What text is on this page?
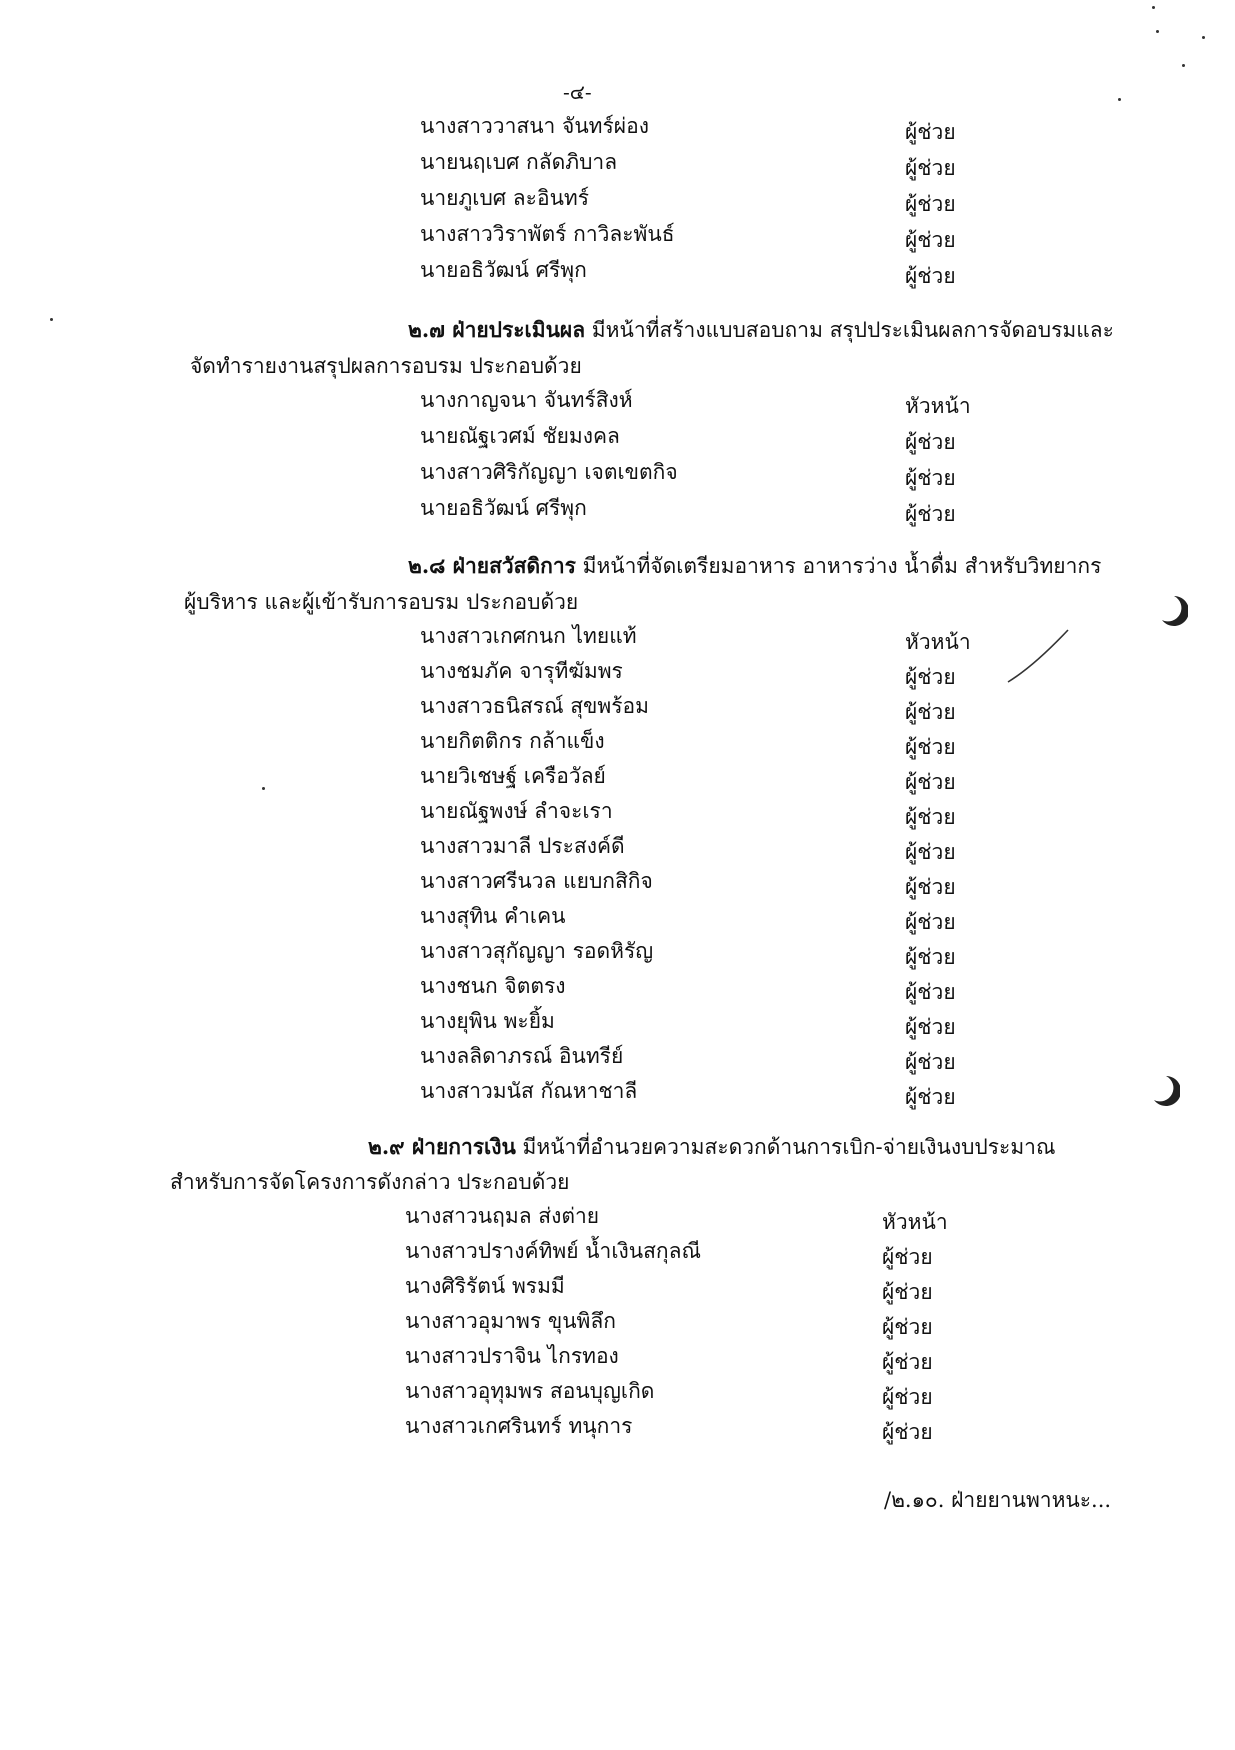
-๔-
นางสาววาสนา จันทร์ผ่อง	ผู้ช่วย
นายนฤเบศ กลัดภิบาล	ผู้ช่วย
นายภูเบศ ละอินทร์	ผู้ช่วย
นางสาววิราพัตร์ กาวิละพันธ์	ผู้ช่วย
นายอธิวัฒน์ ศรีพุก	ผู้ช่วย
๒.๗ ฝ่ายประเมินผล มีหน้าที่สร้างแบบสอบถาม สรุปประเมินผลการจัดอบรมและ
จัดทำรายงานสรุปผลการอบรม ประกอบด้วย
นางกาญจนา จันทร์สิงห์	หัวหน้า
นายณัฐเวศม์ ชัยมงคล	ผู้ช่วย
นางสาวศิริกัญญา เจตเขตกิจ	ผู้ช่วย
นายอธิวัฒน์ ศรีพุก	ผู้ช่วย
๒.๘ ฝ่ายสวัสดิการ มีหน้าที่จัดเตรียมอาหาร อาหารว่าง น้ำดื่ม สำหรับวิทยากร
ผู้บริหาร และผู้เข้ารับการอบรม ประกอบด้วย
นางสาวเกศกนก ไทยแท้	หัวหน้า
นางชมภัค จารุทีฆัมพร	ผู้ช่วย
นางสาวธนิสรณ์ สุขพร้อม	ผู้ช่วย
นายกิตติกร กล้าแข็ง	ผู้ช่วย
นายวิเชษฐ์ เครือวัลย์	ผู้ช่วย
นายณัฐพงษ์ ลำจะเรา	ผู้ช่วย
นางสาวมาลี ประสงค์ดี	ผู้ช่วย
นางสาวศรีนวล แยบกสิกิจ	ผู้ช่วย
นางสุทิน คำเคน	ผู้ช่วย
นางสาวสุกัญญา รอดหิรัญ	ผู้ช่วย
นางชนก จิตตรง	ผู้ช่วย
นางยุพิน พะยิ้ม	ผู้ช่วย
นางลลิดาภรณ์ อินทรีย์	ผู้ช่วย
นางสาวมนัส กัณหาชาลี	ผู้ช่วย
๒.๙ ฝ่ายการเงิน มีหน้าที่อำนวยความสะดวกด้านการเบิก-จ่ายเงินงบประมาณ
สำหรับการจัดโครงการดังกล่าว ประกอบด้วย
นางสาวนฤมล ส่งต่าย	หัวหน้า
นางสาวปรางค์ทิพย์ น้ำเงินสกุลณี	ผู้ช่วย
นางศิริรัตน์ พรมมี	ผู้ช่วย
นางสาวอุมาพร ขุนพิลึก	ผู้ช่วย
นางสาวปราจิน ไกรทอง	ผู้ช่วย
นางสาวอุทุมพร สอนบุญเกิด	ผู้ช่วย
นางสาวเกศรินทร์ ทนุการ	ผู้ช่วย
/๒.๑๐. ฝ่ายยานพาหนะ...
